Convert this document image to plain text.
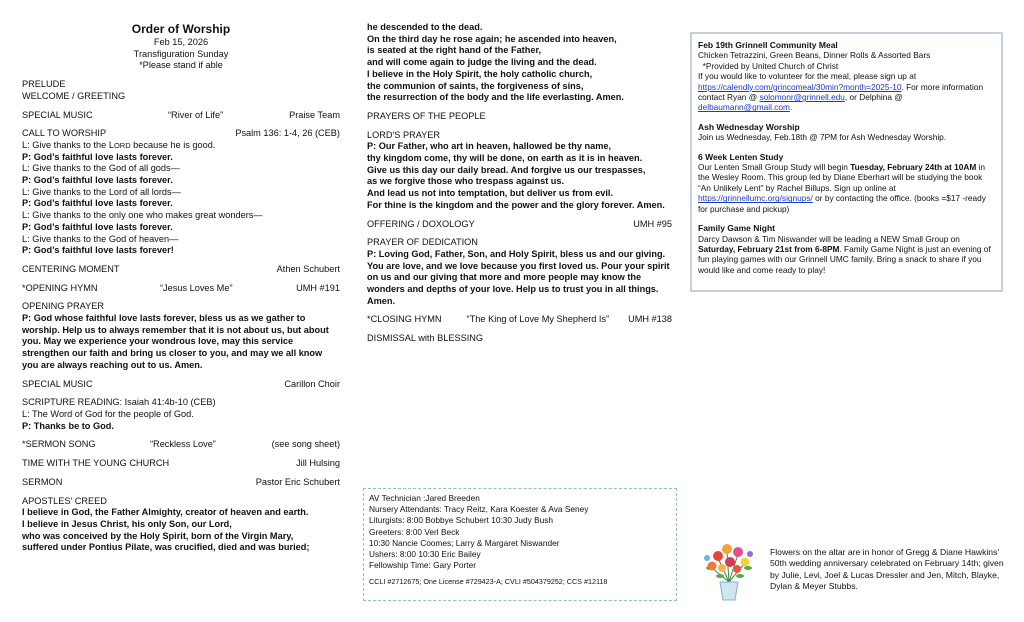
Order of Worship
Feb 15, 2026
Transfiguration Sunday
*Please stand if able
PRELUDE
WELCOME / GREETING
SPECIAL MUSIC	“River of Life”	Praise Team
CALL TO WORSHIP	Psalm 136: 1-4, 26 (CEB)
L: Give thanks to the LORD because he is good.
P: God’s faithful love lasts forever.
L: Give thanks to the God of all gods—
P: God’s faithful love lasts forever.
L: Give thanks to the Lord of all lords—
P: God’s faithful love lasts forever.
L: Give thanks to the only one who makes great wonders—
P: God’s faithful love lasts forever.
L: Give thanks to the God of heaven—
P: God’s faithful love lasts forever!
CENTERING MOMENT	Athen Schubert
*OPENING HYMN	“Jesus Loves Me”	UMH #191
OPENING PRAYER

P: God whose faithful love lasts forever, bless us as we gather to worship. Help us to always remember that it is not about us, but about you. May we experience your wondrous love, may this service strengthen our faith and bring us closer to you, and may we all know you are always reaching out to us. Amen.

SPECIAL MUSIC	Carillon Choir
SCRIPTURE READING: Isaiah 41:4b-10 (CEB)
L: The Word of God for the people of God.
P: Thanks be to God.
*SERMON SONG	“Reckless Love”	(see song sheet)
TIME WITH THE YOUNG CHURCH	Jill Hulsing
SERMON	Pastor Eric Schubert
APOSTLES’ CREED
I believe in God, the Father Almighty, creator of heaven and earth.
I believe in Jesus Christ, his only Son, our Lord,
who was conceived by the Holy Spirit, born of the Virgin Mary,
suffered under Pontius Pilate, was crucified, died and was buried;
he descended to the dead.
On the third day he rose again; he ascended into heaven,
is seated at the right hand of the Father,
and will come again to judge the living and the dead.
I believe in the Holy Spirit, the holy catholic church,
the communion of saints, the forgiveness of sins,
the resurrection of the body and the life everlasting. Amen.
PRAYERS OF THE PEOPLE
LORD'S PRAYER
P: Our Father, who art in heaven, hallowed be thy name,
thy kingdom come, thy will be done, on earth as it is in heaven.
Give us this day our daily bread. And forgive us our trespasses,
as we forgive those who trespass against us.
And lead us not into temptation, but deliver us from evil.
For thine is the kingdom and the power and the glory forever. Amen.
OFFERING / DOXOLOGY	UMH #95
PRAYER OF DEDICATION
P: Loving God, Father, Son, and Holy Spirit, bless us and our giving.
You are love, and we love because you first loved us. Pour your spirit
on us and our giving that more and more people may know the
wonders and depths of your love. Help us to trust you in all things.
Amen.
*CLOSING HYMN	“The King of Love My Shepherd Is”	UMH #138
DISMISSAL with BLESSING
Feb 19th Grinnell Community Meal
Chicken Tetrazzini, Green Beans, Dinner Rolls & Assorted Bars
*Provided by United Church of Christ

If you would like to volunteer for the meal, please sign up at https://calendly.com/grincomeal/30min?month=2025-10. For more information contact Ryan @ solomonr@grinnell.edu, or Delphina @ delbaumann@gmail.com.

Ash Wednesday Worship
Join us Wednesday, Feb.18th @ 7PM for Ash Wednesday Worship.
6 Week Lenten Study

Our Lenten Small Group Study will begin Tuesday, February 24th at 10AM in the Wesley Room. This group led by Diane Eberhart will be studying the book “An Unlikely Lent” by Rachel Billups. Sign up online at https://grinnellumc.org/signups/ or by contacting the office. (books =$17 -ready for purchase and pickup)

Family Game Night

Darcy Dawson & Tim Niswander will be leading a NEW Small Group on Saturday, February 21st from 6-8PM. Family Game Night is just an evening of fun playing games with our Grinnell UMC family. Bring a snack to share if you would like and come ready to play!

AV Technician :Jared Breeden
Nursery Attendants: Tracy Reitz, Kara Koester & Ava Seney
Liturgists: 8:00 Bobbye Schubert 10:30 Judy Bush
Greeters: 8:00 Verl Beck
10:30 Nancie Coomes; Larry & Margaret Niswander
Ushers: 8:00 10:30 Eric Bailey
Fellowship Time: Gary Porter
CCLI #2712675; One License #729423-A; CVLI #504379252; CCS #12118
Flowers on the altar are in honor of Gregg & Diane Hawkins’ 50th wedding anniversary celebrated on February 14th; given by Julie, Levi, Joel & Lucas Dressler and Jen, Mitch, Blayke, Dylan & Meyer Stubbs.
